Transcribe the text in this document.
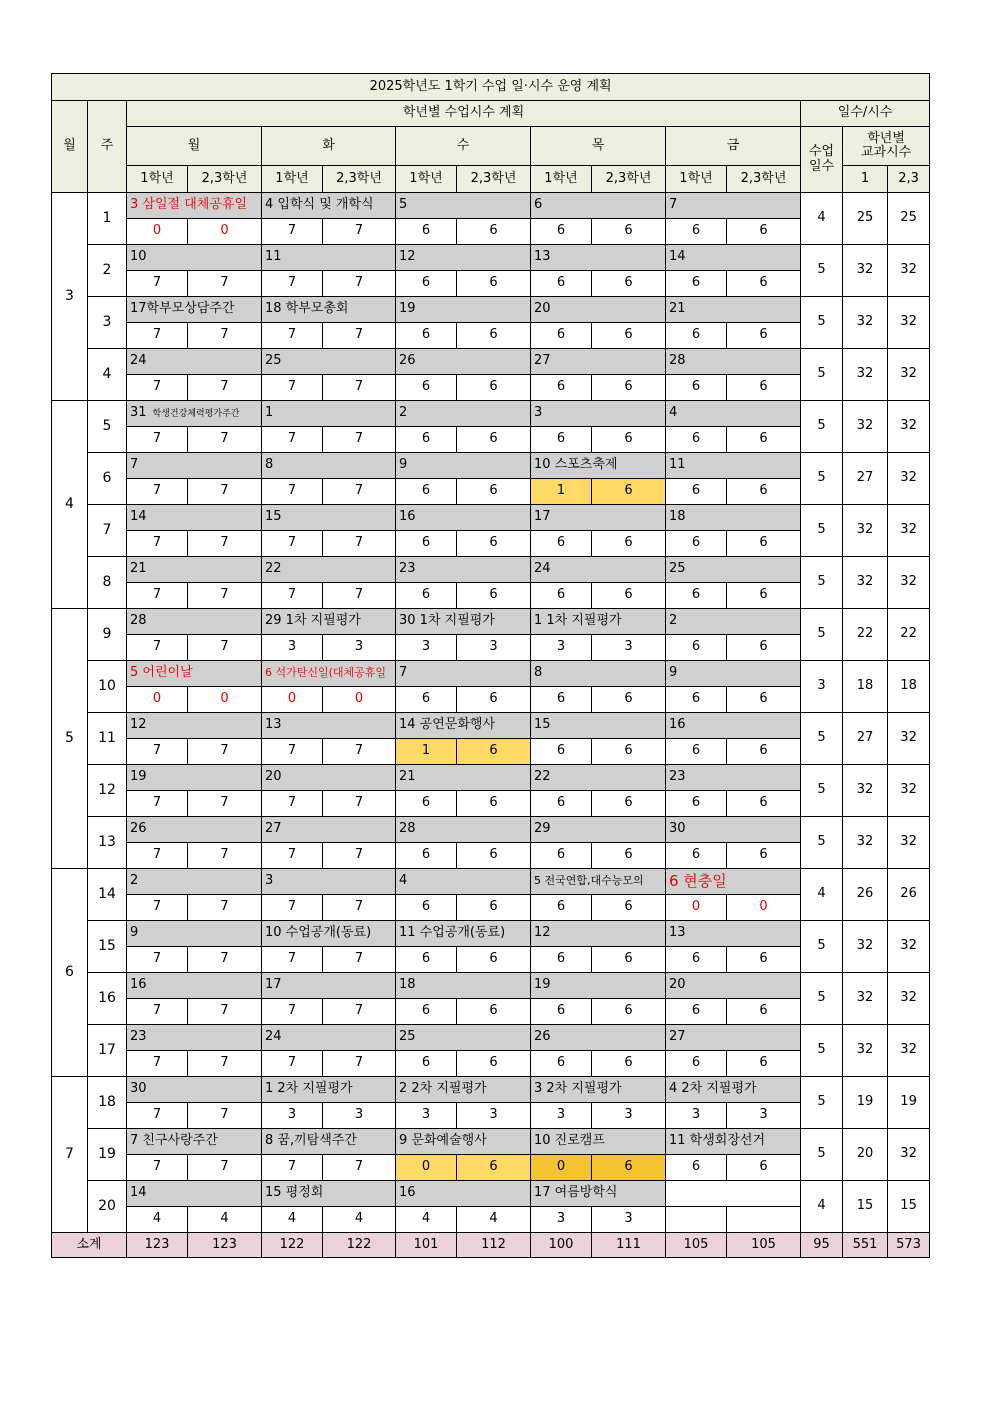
2025학년도 1학기 수업 일·시수 운영 계획														
월	주	학년별 수업시수 계획										일수/시수		
		월		화		수		목		금		수업
일수	학년별
교과시수	
		1학년	2,3학년	1학년	2,3학년	1학년	2,3학년	1학년	2,3학년	1학년	2,3학년		1	2,3
3	1	3 삼일절 대체공휴일		4 입학식 및 개학식		5		6		7		4	25	25
		0	0	7	7	6	6	6	6	6	6			
	2	10		11		12		13		14		5	32	32
		7	7	7	7	6	6	6	6	6	6			
	3	17학부모상담주간		18 학부모총회		19		20		21		5	32	32
		7	7	7	7	6	6	6	6	6	6			
	4	24		25		26		27		28		5	32	32
		7	7	7	7	6	6	6	6	6	6			
4	5	31 학생건강체력평가주간		1		2		3		4		5	32	32
		7	7	7	7	6	6	6	6	6	6			
	6	7		8		9		10 스포츠축제		11		5	27	32
		7	7	7	7	6	6	1	6	6	6			
	7	14		15		16		17		18		5	32	32
		7	7	7	7	6	6	6	6	6	6			
	8	21		22		23		24		25		5	32	32
		7	7	7	7	6	6	6	6	6	6			
5	9	28		29 1차 지필평가		30 1차 지필평가		1 1차 지필평가		2		5	22	22
		7	7	3	3	3	3	3	3	6	6			
	10	5 어린이날		6 석가탄신일(대체공휴일		7		8		9		3	18	18
		0	0	0	0	6	6	6	6	6	6			
	11	12		13		14 공연문화행사		15		16		5	27	32
		7	7	7	7	1	6	6	6	6	6			
	12	19		20		21		22		23		5	32	32
		7	7	7	7	6	6	6	6	6	6			
	13	26		27		28		29		30		5	32	32
		7	7	7	7	6	6	6	6	6	6			
6	14	2		3		4		5 전국연합,대수능모의		6 현충일		4	26	26
		7	7	7	7	6	6	6	6	0	0			
	15	9		10 수업공개(동료)		11 수업공개(동료)		12		13		5	32	32
		7	7	7	7	6	6	6	6	6	6			
	16	16		17		18		19		20		5	32	32
		7	7	7	7	6	6	6	6	6	6			
	17	23		24		25		26		27		5	32	32
		7	7	7	7	6	6	6	6	6	6			
7	18	30		1 2차 지필평가		2 2차 지필평가		3 2차 지필평가		4 2차 지필평가		5	19	19
		7	7	3	3	3	3	3	3	3	3			
	19	7 친구사랑주간		8 꿈,끼탐색주간		9 문화예술행사		10 진로캠프		11 학생회장선거		5	20	32
		7	7	7	7	0	6	0	6	6	6			
	20	14		15 평정회		16		17 여름방학식				4	15	15
		4	4	4	4	4	4	3	3					
소계		123	123	122	122	101	112	100	111	105	105	95	551	573
